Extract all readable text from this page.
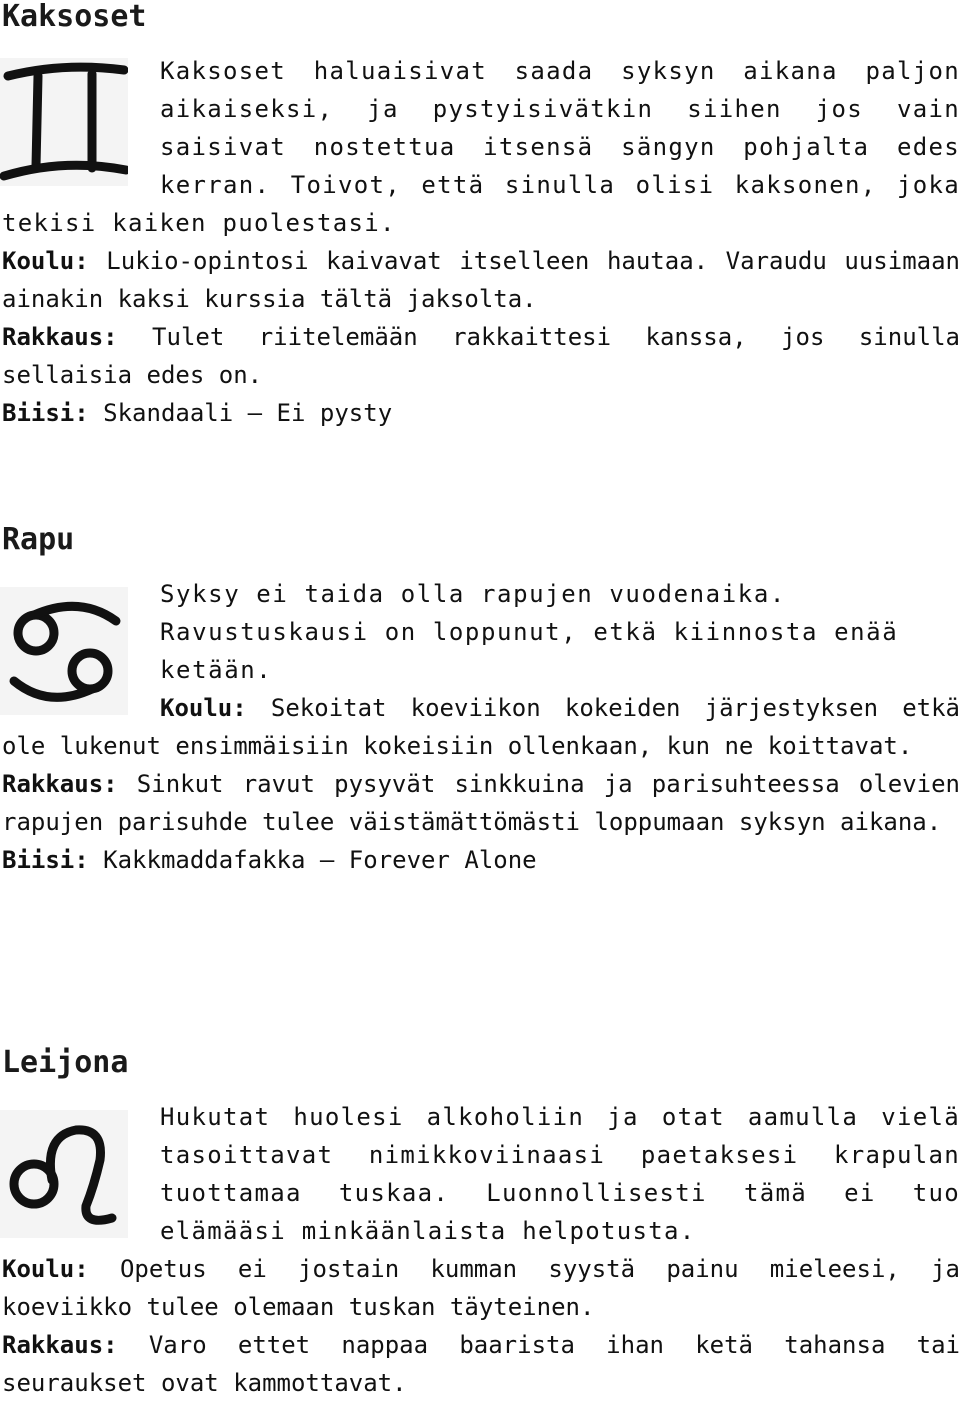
Kaksoset

Kaksoset haluaisivat saada syksyn aikana paljon aikaiseksi, ja pystyisivätkin siihen jos vain saisivat nostettua itsensä sängyn pohjalta edes kerran. Toivot, että sinulla olisi kaksonen, joka tekisi kaiken puolestasi.

Koulu: Lukio-opintosi kaivavat itselleen hautaa. Varaudu uusimaan ainakin kaksi kurssia tältä jaksolta.

Rakkaus: Tulet riitelemään rakkaittesi kanssa, jos sinulla sellaisia edes on.

Biisi: Skandaali – Ei pysty

Rapu

Syksy ei taida olla rapujen vuodenaika. Ravustuskausi on loppunut, etkä kiinnosta enää ketään.

Koulu: Sekoitat koeviikon kokeiden järjestyksen etkä ole lukenut ensimmäisiin kokeisiin ollenkaan, kun ne koittavat.

Rakkaus: Sinkut ravut pysyvät sinkkuina ja parisuhteessa olevien rapujen parisuhde tulee väistämättömästi loppumaan syksyn aikana.

Biisi: Kakkmaddafakka – Forever Alone

Leijona

Hukutat huolesi alkoholiin ja otat aamulla vielä tasoittavat nimikkoviinaasi paetaksesi krapulan tuottamaa tuskaa. Luonnollisesti tämä ei tuo elämääsi minkäänlaista helpotusta.

Koulu: Opetus ei jostain kumman syystä painu mieleesi, ja koeviikko tulee olemaan tuskan täyteinen.

Rakkaus: Varo ettet nappaa baarista ihan ketä tahansa tai seuraukset ovat kammottavat.
